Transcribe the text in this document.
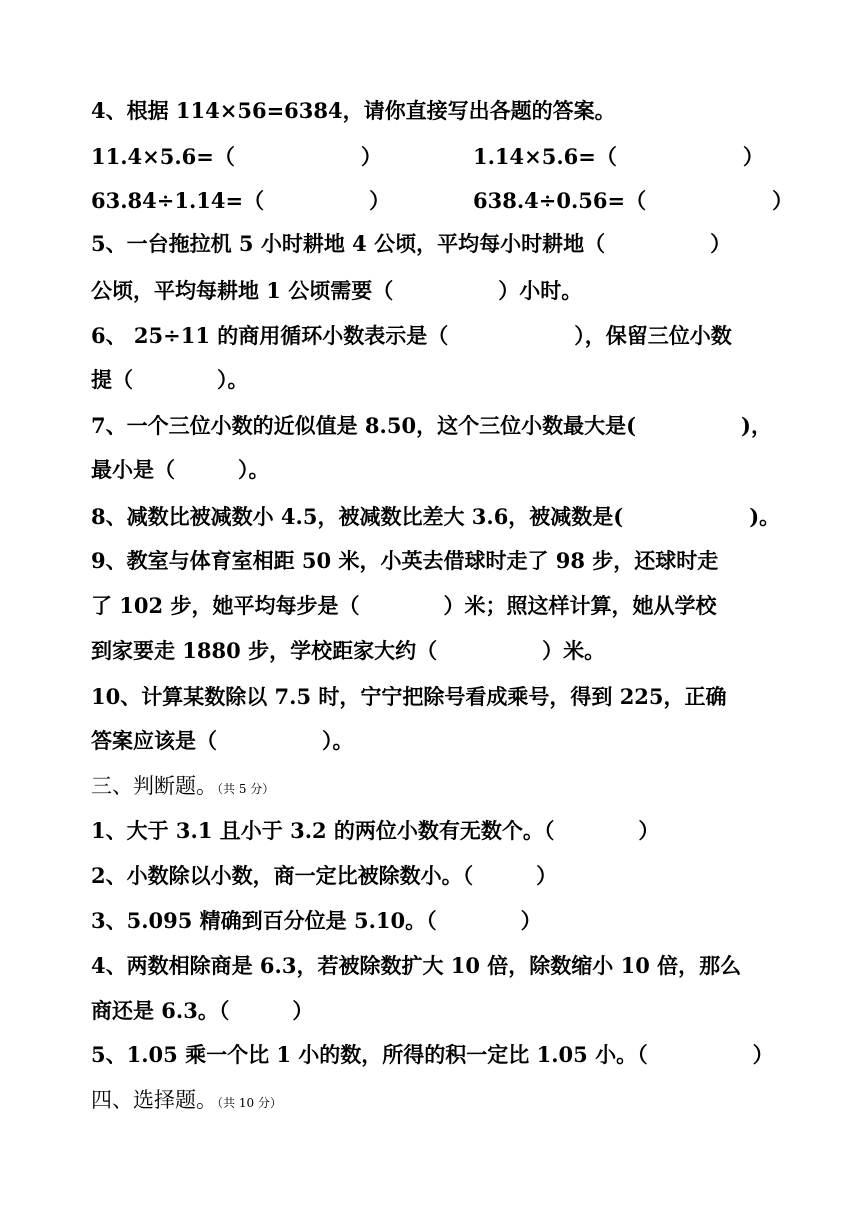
4、根据 114×56=6384，请你直接写出各题的答案。
11.4×5.6=（　　　　　　）	1.14×5.6=（　　　　　　）
63.84÷1.14=（　　　　　）	638.4÷0.56=（　　　　　　）
5、一台拖拉机 5 小时耕地 4 公顷，平均每小时耕地（　　　　　）
公顷，平均每耕地 1 公顷需要（　　　　　）小时。
6、 25÷11 的商用循环小数表示是（　　　　　　），保留三位小数
提（　　　　）。
7、一个三位小数的近似值是 8.50，这个三位小数最大是(　　　　　)，
最小是（　　　）。
8、减数比被减数小 4.5，被减数比差大 3.6，被减数是(　　　　　　)。
9、教室与体育室相距 50 米，小英去借球时走了 98 步，还球时走
了 102 步，她平均每步是（　　　　）米；照这样计算，她从学校
到家要走 1880 步，学校距家大约（　　　　　）米。
10、计算某数除以 7.5 时，宁宁把除号看成乘号，得到 225，正确
答案应该是（　　　　　）。
三、判断题。（共 5 分）
1、大于 3.1 且小于 3.2 的两位小数有无数个。（　　　　）
2、小数除以小数，商一定比被除数小。（　　　）
3、5.095 精确到百分位是 5.10。（　　　　）
4、两数相除商是 6.3，若被除数扩大 10 倍，除数缩小 10 倍，那么
商还是 6.3。（　　　）
5、1.05 乘一个比 1 小的数，所得的积一定比 1.05 小。（　　　　　）
四、选择题。（共 10 分）
